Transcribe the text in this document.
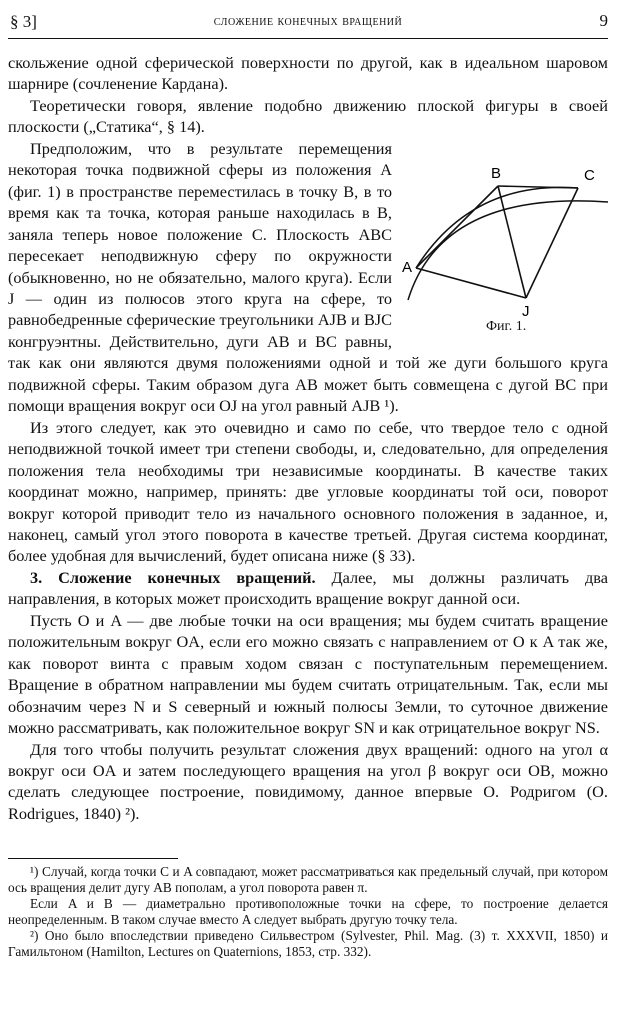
§ 3]	сложение конечных вращений	9

скольжение одной сферической поверхности по другой, как в идеальном шаровом шарнире (сочленение Кардана).

Теоретически говоря, явление подобно движению плоской фигуры в своей плоскости („Статика“, § 14).

A
B	C
J
Фиг. 1.
Предположим, что в результате перемещения некоторая точка подвижной сферы из положения A (фиг. 1) в пространстве переместилась в точку B, в то время как та точка, которая раньше находилась в B, заняла теперь новое положение C. Плоскость ABC пересекает неподвижную сферу по окружности (обыкновенно, но не обязательно, малого круга). Если J — один из полюсов этого круга на сфере, то равнобедренные сферические треугольники AJB и BJC конгруэнтны. Действительно, дуги AB и BC равны, так как они являются двумя положениями одной и той же дуги большого круга подвижной сферы. Таким образом дуга AB может быть совмещена с дугой BC при помощи вращения вокруг оси OJ на угол равный AJB ¹).

Из этого следует, как это очевидно и само по себе, что твердое тело с одной неподвижной точкой имеет три степени свободы, и, следовательно, для определения положения тела необходимы три независимые координаты. В качестве таких координат можно, например, принять: две угловые координаты той оси, поворот вокруг которой приводит тело из начального основного положения в заданное, и, наконец, самый угол этого поворота в качестве третьей. Другая система координат, более удобная для вычислений, будет описана ниже (§ 33).

3. Сложение конечных вращений. Далее, мы должны различать два направления, в которых может происходить вращение вокруг данной оси.

Пусть O и A — две любые точки на оси вращения; мы будем считать вращение положительным вокруг OA, если его можно связать с направлением от O к A так же, как поворот винта с правым ходом связан с поступательным перемещением. Вращение в обратном направлении мы будем считать отрицательным. Так, если мы обозначим через N и S северный и южный полюсы Земли, то суточное движение можно рассматривать, как положительное вокруг SN и как отрицательное вокруг NS.

Для того чтобы получить результат сложения двух вращений: одного на угол α вокруг оси OA и затем последующего вращения на угол β вокруг оси OB, можно сделать следующее построение, повидимому, данное впервые O. Родригом (O. Rodrigues, 1840) ²).

¹) Случай, когда точки C и A совпадают, может рассматриваться как предельный случай, при котором ось вращения делит дугу AB пополам, а угол поворота равен π.

Если A и B — диаметрально противоположные точки на сфере, то построение делается неопределенным. В таком случае вместо A следует выбрать другую точку тела.

²) Оно было впоследствии приведено Сильвестром (Sylvester, Phil. Mag. (3) т. XXXVII, 1850) и Гамильтоном (Hamilton, Lectures on Quaternions, 1853, стр. 332).
